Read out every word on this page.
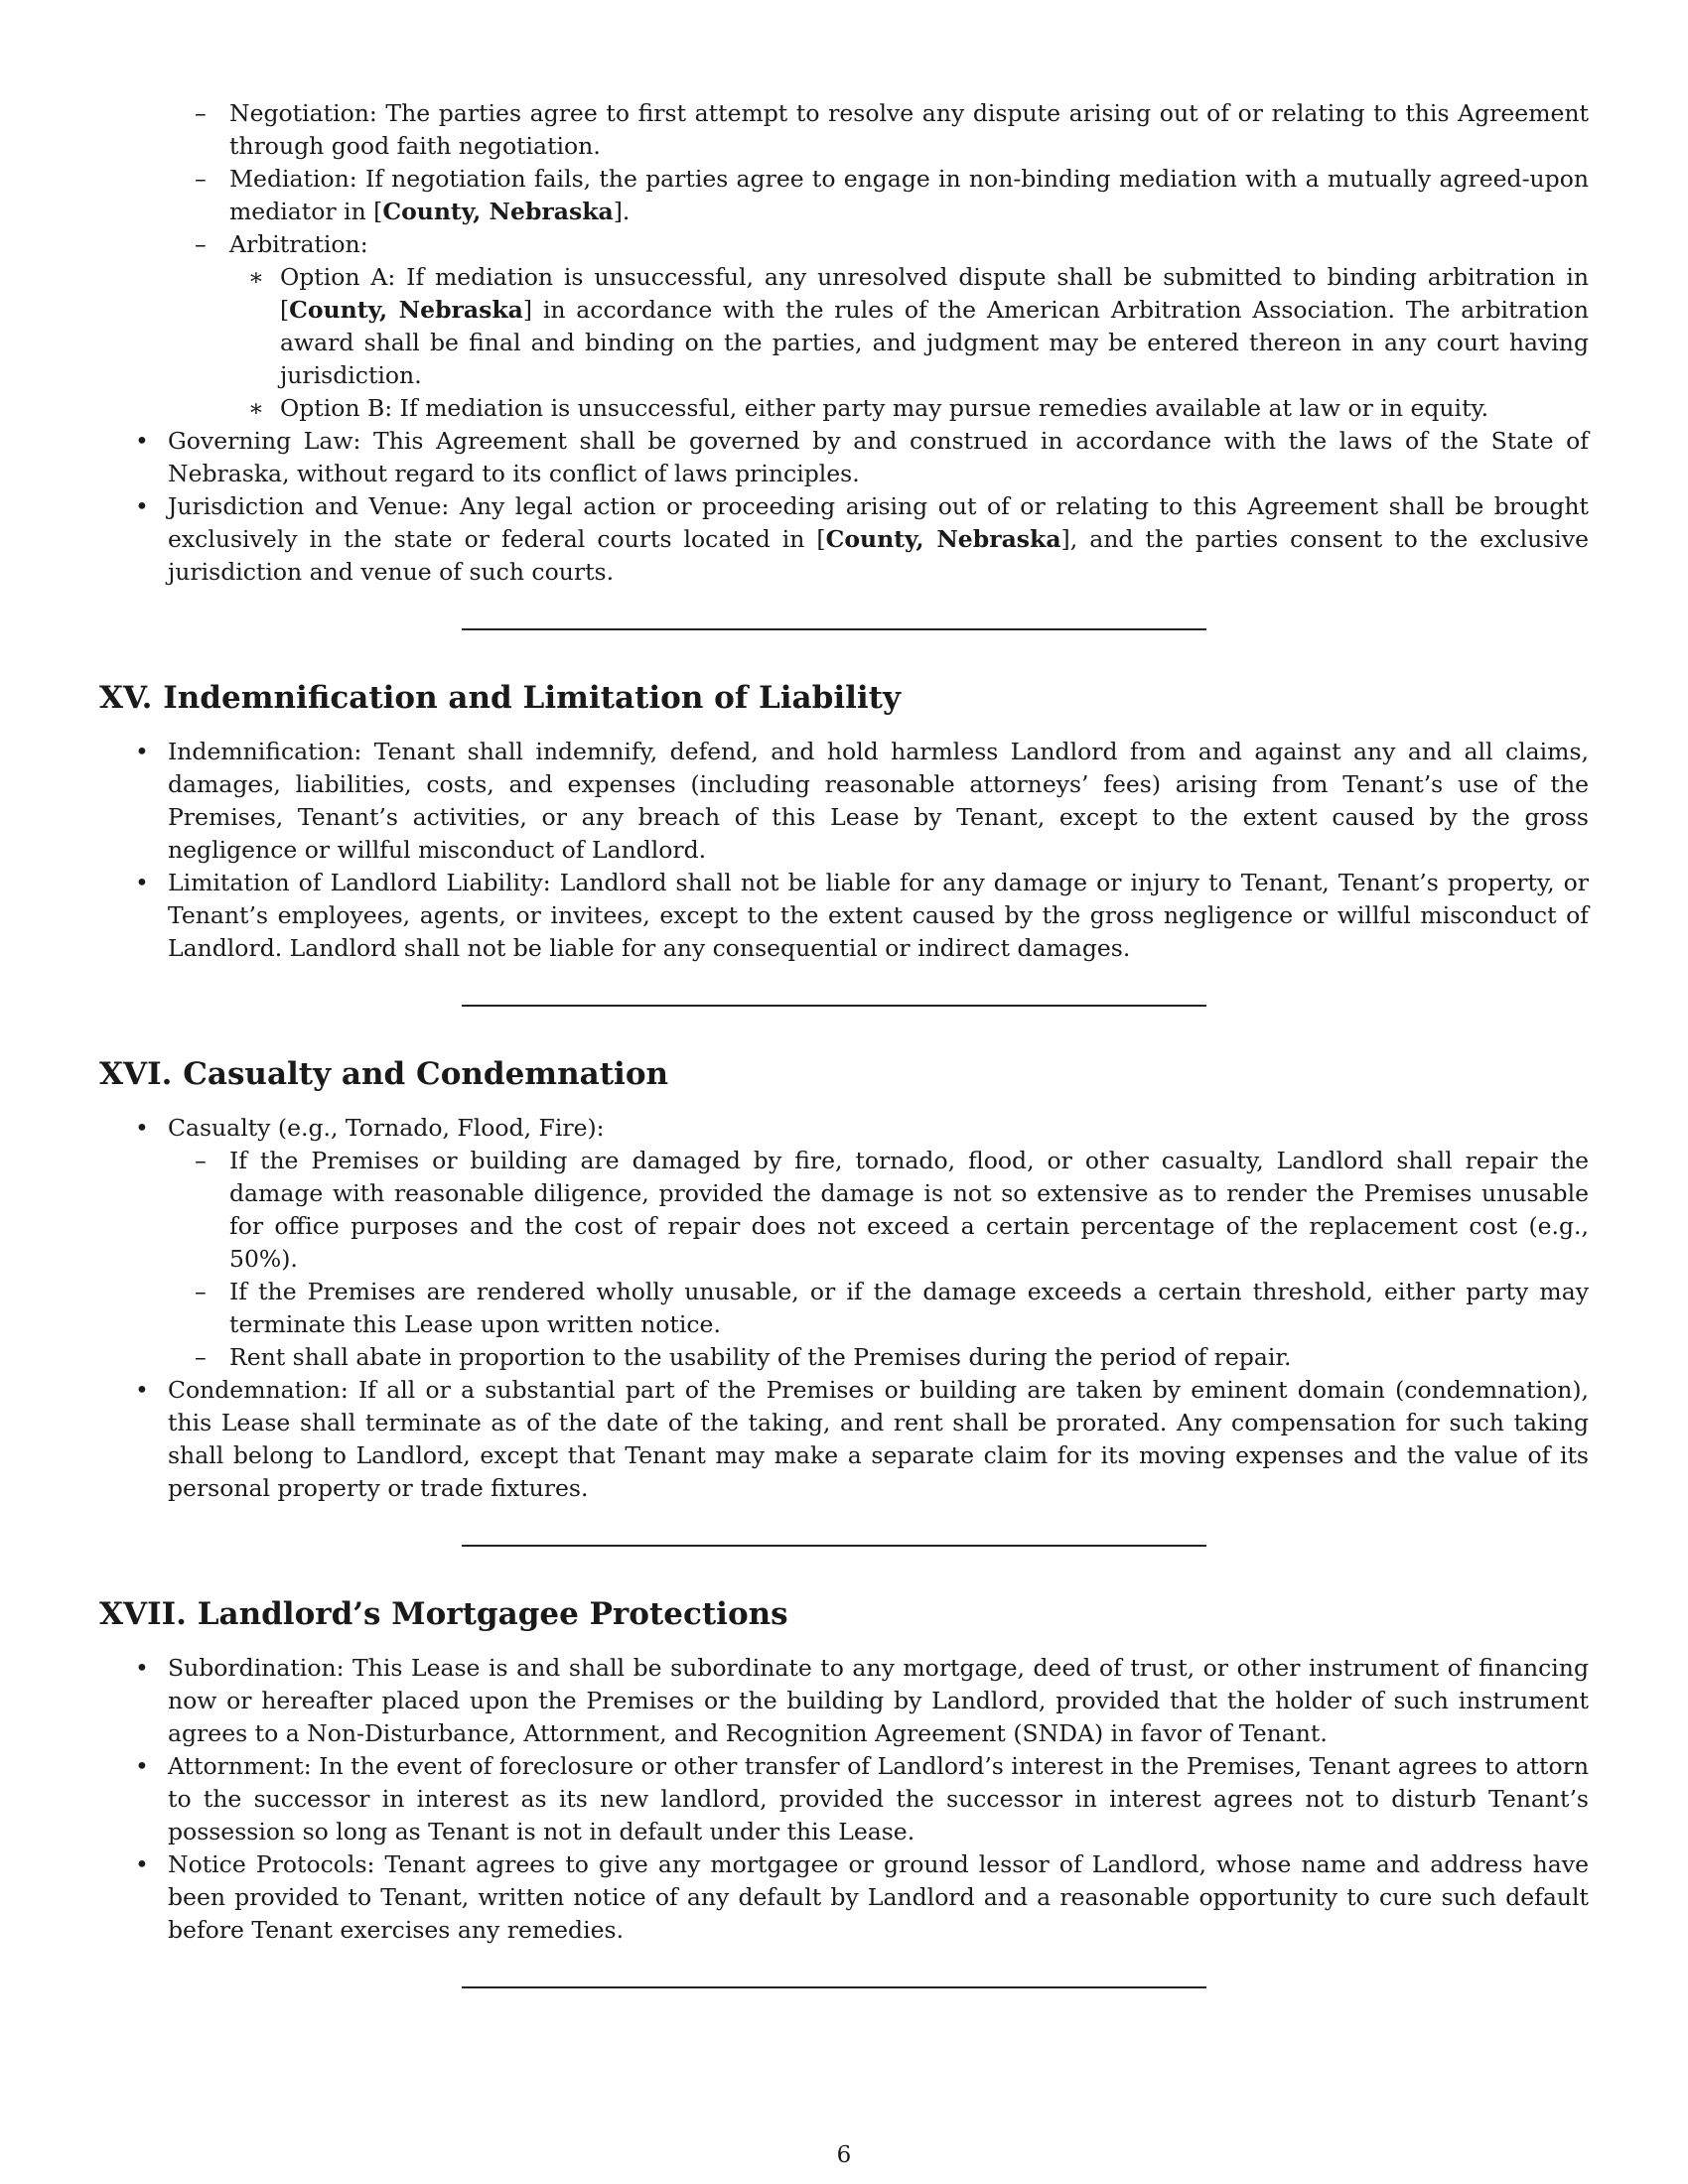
– Negotiation: The parties agree to first attempt to resolve any dispute arising out of or relating to this Agreement through good faith negotiation.
– Mediation: If negotiation fails, the parties agree to engage in non-binding mediation with a mutually agreed-upon mediator in [County, Nebraska].
– Arbitration:
∗ Option A: If mediation is unsuccessful, any unresolved dispute shall be submitted to binding arbitration in [County, Nebraska] in accordance with the rules of the American Arbitration Association. The arbitration award shall be final and binding on the parties, and judgment may be entered thereon in any court having jurisdiction.
∗ Option B: If mediation is unsuccessful, either party may pursue remedies available at law or in equity.
• Governing Law: This Agreement shall be governed by and construed in accordance with the laws of the State of Nebraska, without regard to its conflict of laws principles.
• Jurisdiction and Venue: Any legal action or proceeding arising out of or relating to this Agreement shall be brought exclusively in the state or federal courts located in [County, Nebraska], and the parties consent to the exclusive jurisdiction and venue of such courts.
XV. Indemnification and Limitation of Liability
• Indemnification: Tenant shall indemnify, defend, and hold harmless Landlord from and against any and all claims, damages, liabilities, costs, and expenses (including reasonable attorneys’ fees) arising from Tenant’s use of the Premises, Tenant’s activities, or any breach of this Lease by Tenant, except to the extent caused by the gross negligence or willful misconduct of Landlord.
• Limitation of Landlord Liability: Landlord shall not be liable for any damage or injury to Tenant, Tenant’s property, or Tenant’s employees, agents, or invitees, except to the extent caused by the gross negligence or willful misconduct of Landlord. Landlord shall not be liable for any consequential or indirect damages.
XVI. Casualty and Condemnation
• Casualty (e.g., Tornado, Flood, Fire):
– If the Premises or building are damaged by fire, tornado, flood, or other casualty, Landlord shall repair the damage with reasonable diligence, provided the damage is not so extensive as to render the Premises unusable for office purposes and the cost of repair does not exceed a certain percentage of the replacement cost (e.g., 50%).
– If the Premises are rendered wholly unusable, or if the damage exceeds a certain threshold, either party may terminate this Lease upon written notice.
– Rent shall abate in proportion to the usability of the Premises during the period of repair.
• Condemnation: If all or a substantial part of the Premises or building are taken by eminent domain (condemnation), this Lease shall terminate as of the date of the taking, and rent shall be prorated. Any compensation for such taking shall belong to Landlord, except that Tenant may make a separate claim for its moving expenses and the value of its personal property or trade fixtures.
XVII. Landlord’s Mortgagee Protections
• Subordination: This Lease is and shall be subordinate to any mortgage, deed of trust, or other instrument of financing now or hereafter placed upon the Premises or the building by Landlord, provided that the holder of such instrument agrees to a Non-Disturbance, Attornment, and Recognition Agreement (SNDA) in favor of Tenant.
• Attornment: In the event of foreclosure or other transfer of Landlord’s interest in the Premises, Tenant agrees to attorn to the successor in interest as its new landlord, provided the successor in interest agrees not to disturb Tenant’s possession so long as Tenant is not in default under this Lease.
• Notice Protocols: Tenant agrees to give any mortgagee or ground lessor of Landlord, whose name and address have been provided to Tenant, written notice of any default by Landlord and a reasonable opportunity to cure such default before Tenant exercises any remedies.
6
